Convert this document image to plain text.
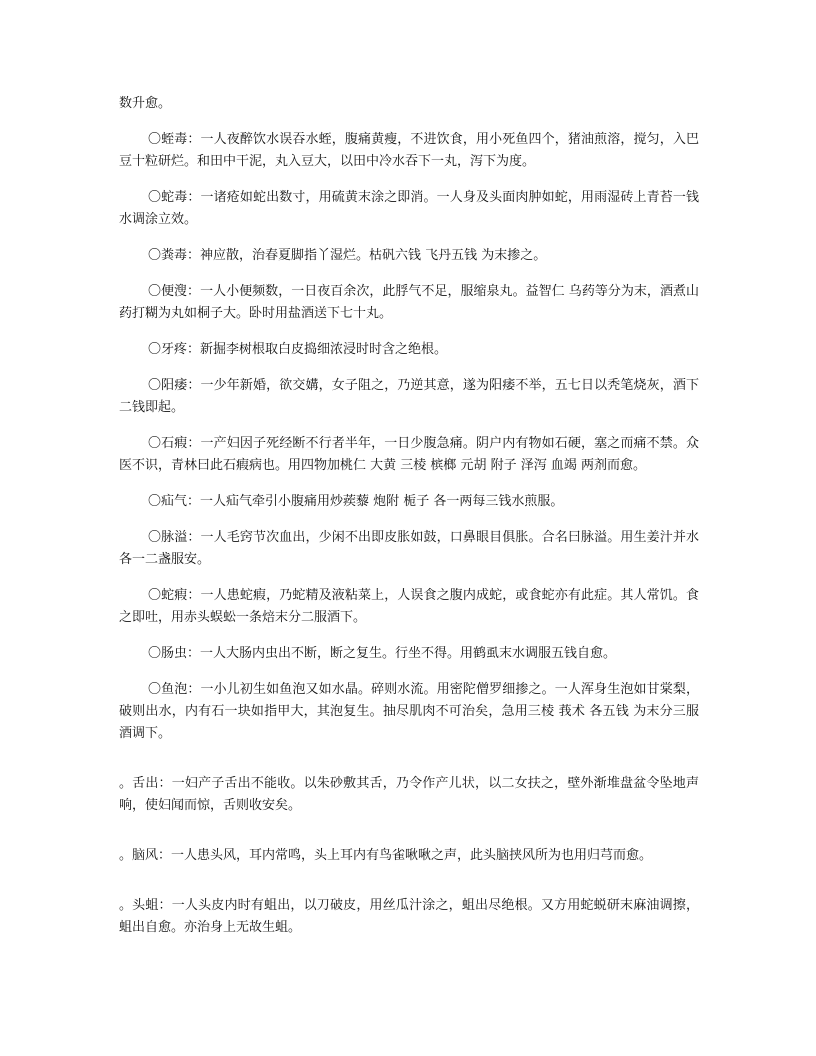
数升愈。

〇蛭毒：一人夜醉饮水误吞水蛭，腹痛黄瘦，不进饮食，用小死鱼四个，猪油煎溶，搅匀，入巴豆十粒研烂。和田中干泥，丸入豆大，以田中冷水吞下一丸，泻下为度。

〇蛇毒：一诸疮如蛇出数寸，用硫黄末涂之即消。一人身及头面肉肿如蛇，用雨湿砖上青苔一钱水调涂立效。

〇粪毒：神应散，治春夏脚指丫湿烂。枯矾六钱 飞丹五钱 为末掺之。

〇便溲：一人小便频数，一日夜百余次，此脬气不足，服缩泉丸。益智仁 乌药等分为末，酒煮山药打糊为丸如桐子大。卧时用盐酒送下七十丸。

〇牙疼：新掘李树根取白皮捣细浓浸时时含之绝根。

〇阳痿：一少年新婚，欲交媾，女子阻之，乃逆其意，遂为阳痿不举，五七日以秃笔烧灰，酒下二钱即起。

〇石瘕：一产妇因子死经断不行者半年，一日少腹急痛。阴户内有物如石硬，塞之而痛不禁。众医不识，青林曰此石瘕病也。用四物加桃仁 大黄 三棱 槟榔 元胡 附子 泽泻 血竭 两剂而愈。

〇疝气：一人疝气牵引小腹痛用炒蒺藜 炮附 栀子 各一两每三钱水煎服。

〇脉溢：一人毛窍节次血出，少闲不出即皮胀如鼓，口鼻眼目俱胀。合名曰脉溢。用生姜汁并水各一二盏服安。

〇蛇瘕：一人患蛇瘕，乃蛇精及液粘菜上，人误食之腹内成蛇，或食蛇亦有此症。其人常饥。食之即吐，用赤头蜈蚣一条焙末分二服酒下。

〇肠虫：一人大肠内虫出不断，断之复生。行坐不得。用鹤虱末水调服五钱自愈。

〇鱼泡：一小儿初生如鱼泡又如水晶。碎则水流。用密陀僧罗细掺之。一人浑身生泡如甘棠梨，破则出水，内有石一块如指甲大，其泡复生。抽尽肌肉不可治矣，急用三棱 莪术 各五钱 为末分三服酒调下。

。舌出：一妇产子舌出不能收。以朱砂敷其舌，乃令作产儿状，以二女扶之，壁外渐堆盘盆令坠地声响，使妇闻而惊，舌则收安矣。

。脑风：一人患头风，耳内常鸣，头上耳内有鸟雀啾啾之声，此头脑挟风所为也用归芎而愈。

。头蛆：一人头皮内时有蛆出，以刀破皮，用丝瓜汁涂之，蛆出尽绝根。又方用蛇蜕研末麻油调擦，蛆出自愈。亦治身上无故生蛆。
